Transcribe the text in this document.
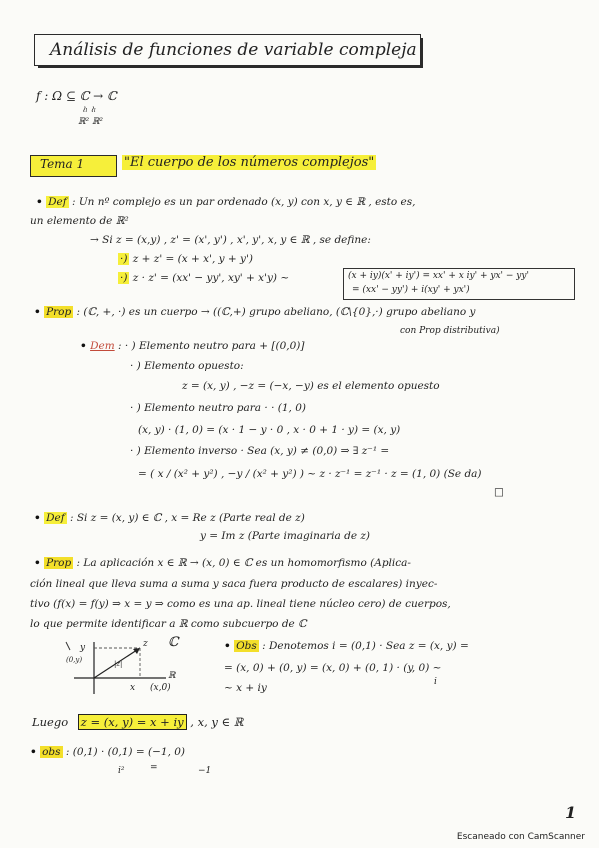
Análisis de funciones de variable compleja
f : Ω ⊆ ℂ → ℂ
≀ₗ ≀ₗ
ℝ² ℝ²
Tema 1	"El cuerpo de los números complejos"
• Def : Un nº complejo es un par ordenado (x, y) con x, y ∈ ℝ , esto es,
un elemento de ℝ²
→ Si z = (x,y) , z' = (x', y') , x', y', x, y ∈ ℝ , se define:
·) z + z' = (x + x', y + y')
·) z · z' = (xx' − yy', xy' + x'y) ~	(x + iy)(x' + iy') = xx' + x iy' + yx' − yy'
= (xx' − yy') + i(xy' + yx')
• Prop : (ℂ, +, ·) es un cuerpo → ((ℂ,+) grupo abeliano, (ℂ\{0},·) grupo abeliano y
con Prop distributiva)
• Dem : · ) Elemento neutro para + [(0,0)]
· ) Elemento opuesto:
z = (x, y) , −z = (−x, −y) es el elemento opuesto
· ) Elemento neutro para · · (1, 0)
(x, y) · (1, 0) = (x · 1 − y · 0 , x · 0 + 1 · y) = (x, y)
· ) Elemento inverso · Sea (x, y) ≠ (0,0) ⇒ ∃ z⁻¹ =
= ( x / (x² + y²) , −y / (x² + y²) ) ~ z · z⁻¹ = z⁻¹ · z = (1, 0) (Se da)
□
• Def : Si z = (x, y) ∈ ℂ , x = Re z (Parte real de z)
y = Im z (Parte imaginaria de z)
• Prop : La aplicación x ∈ ℝ → (x, 0) ∈ ℂ es un homomorfismo (Aplica-
ción lineal que lleva suma a suma y saca fuera producto de escalares) inyec-
tivo (f(x) = f(y) ⇒ x = y ⇒ como es una ap. lineal tiene núcleo cero) de cuerpos,
lo que permite identificar a ℝ como subcuerpo de ℂ
ℂ
y
(0,y)
z
|z|
ℝ
x (x,0)
• Obs : Denotemos i = (0,1) · Sea z = (x, y) =
= (x, 0) + (0, y) = (x, 0) + (0, 1) · (y, 0) ~
i
~ x + iy
Luego z = (x, y) = x + iy , x, y ∈ ℝ
• obs : (0,1) · (0,1) = (−1, 0)
i²	=	−1
1
Escaneado con CamScanner
